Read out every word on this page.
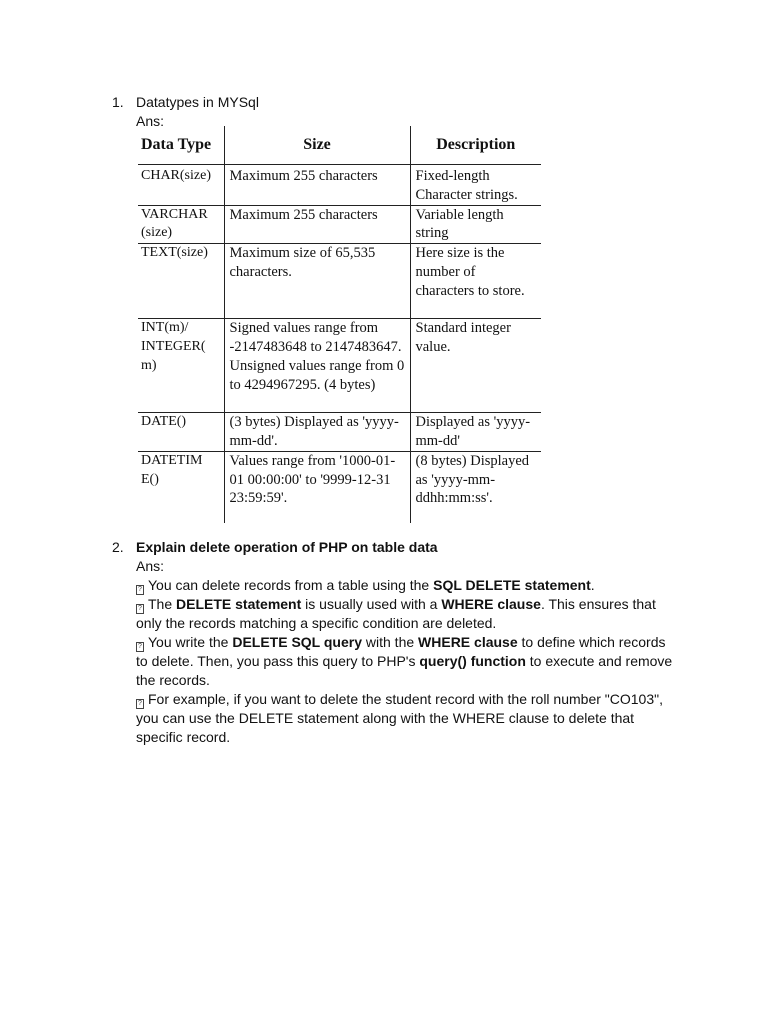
1. Datatypes in MYSql
Ans:
Data Type	Size	Description
CHAR(size)	Maximum 255 characters	Fixed-length Character strings.
VARCHAR (size)	Maximum 255 characters	Variable length string
TEXT(size)	Maximum size of 65,535 characters.	Here size is the number of characters to store.
INT(m)/ INTEGER( m)	Signed values range from -2147483648 to 2147483647. Unsigned values range from 0 to 4294967295. (4 bytes)	Standard integer value.
DATE()	(3 bytes) Displayed as 'yyyy-mm-dd'.	Displayed as 'yyyy-mm-dd'
DATETIM E()	Values range from '1000-01-01 00:00:00' to '9999-12-31 23:59:59'.	(8 bytes) Displayed as 'yyyy-mm-ddhh:mm:ss'.
2. Explain delete operation of PHP on table data
Ans:

? You can delete records from a table using the SQL DELETE statement.

? The DELETE statement is usually used with a WHERE clause. This ensures that only the records matching a specific condition are deleted.

? You write the DELETE SQL query with the WHERE clause to define which records to delete. Then, you pass this query to PHP's query() function to execute and remove the records.

? For example, if you want to delete the student record with the roll number "CO103", you can use the DELETE statement along with the WHERE clause to delete that specific record.
